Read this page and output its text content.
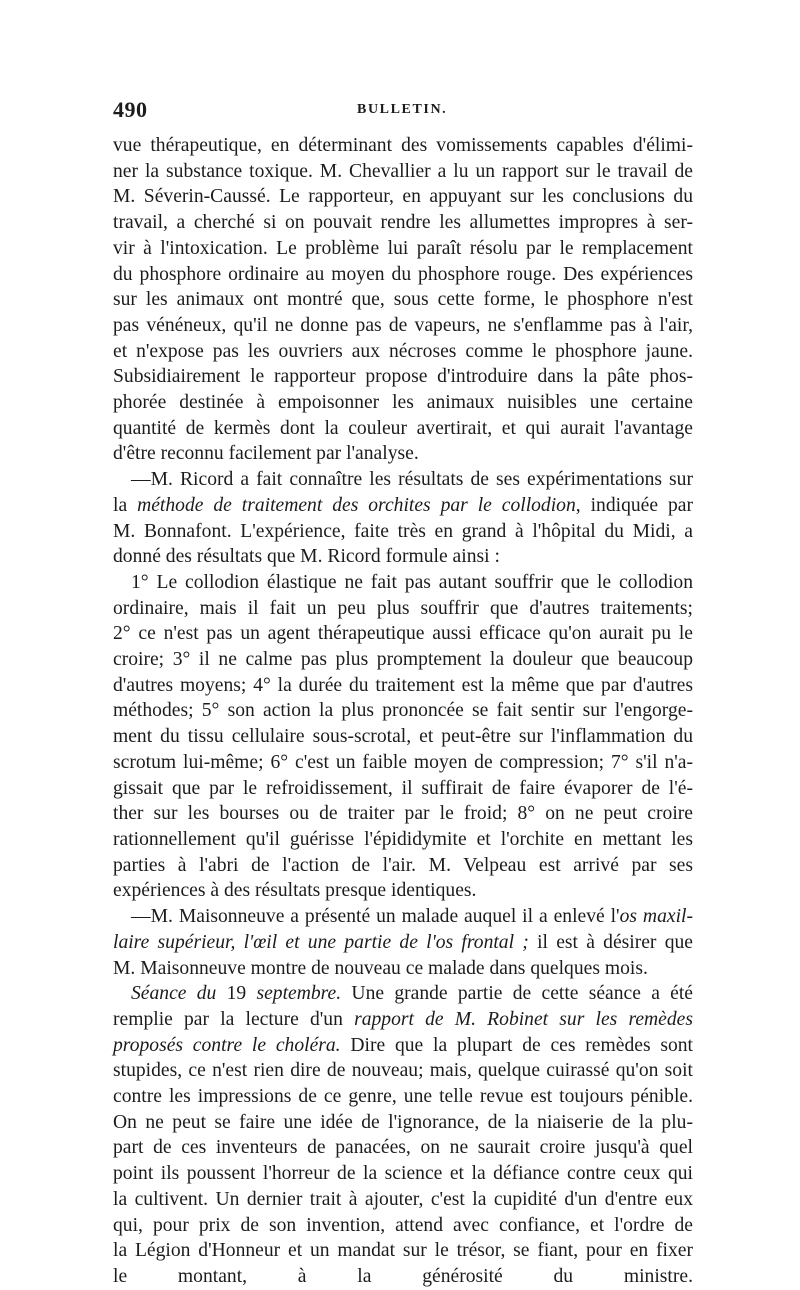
490	BULLETIN.
vue thérapeutique, en déterminant des vomissements capables d'élimi-
ner la substance toxique. M. Chevallier a lu un rapport sur le travail de
M. Séverin-Caussé. Le rapporteur, en appuyant sur les conclusions du
travail, a cherché si on pouvait rendre les allumettes impropres à ser-
vir à l'intoxication. Le problème lui paraît résolu par le remplacement
du phosphore ordinaire au moyen du phosphore rouge. Des expériences
sur les animaux ont montré que, sous cette forme, le phosphore n'est
pas vénéneux, qu'il ne donne pas de vapeurs, ne s'enflamme pas à l'air,
et n'expose pas les ouvriers aux nécroses comme le phosphore jaune.
Subsidiairement le rapporteur propose d'introduire dans la pâte phos-
phorée destinée à empoisonner les animaux nuisibles une certaine
quantité de kermès dont la couleur avertirait, et qui aurait l'avantage
d'être reconnu facilement par l'analyse.
—M. Ricord a fait connaître les résultats de ses expérimentations sur
la méthode de traitement des orchites par le collodion, indiquée par
M. Bonnafont. L'expérience, faite très en grand à l'hôpital du Midi, a
donné des résultats que M. Ricord formule ainsi :
1° Le collodion élastique ne fait pas autant souffrir que le collodion
ordinaire, mais il fait un peu plus souffrir que d'autres traitements;
2° ce n'est pas un agent thérapeutique aussi efficace qu'on aurait pu le
croire; 3° il ne calme pas plus promptement la douleur que beaucoup
d'autres moyens; 4° la durée du traitement est la même que par d'autres
méthodes; 5° son action la plus prononcée se fait sentir sur l'engorge-
ment du tissu cellulaire sous-scrotal, et peut-être sur l'inflammation du
scrotum lui-même; 6° c'est un faible moyen de compression; 7° s'il n'a-
gissait que par le refroidissement, il suffirait de faire évaporer de l'é-
ther sur les bourses ou de traiter par le froid; 8° on ne peut croire
rationnellement qu'il guérisse l'épididymite et l'orchite en mettant les
parties à l'abri de l'action de l'air. M. Velpeau est arrivé par ses
expériences à des résultats presque identiques.
—M. Maisonneuve a présenté un malade auquel il a enlevé l'os maxil-
laire supérieur, l'œil et une partie de l'os frontal ; il est à désirer que
M. Maisonneuve montre de nouveau ce malade dans quelques mois.
Séance du 19 septembre. Une grande partie de cette séance a été
remplie par la lecture d'un rapport de M. Robinet sur les remèdes
proposés contre le choléra. Dire que la plupart de ces remèdes sont
stupides, ce n'est rien dire de nouveau; mais, quelque cuirassé qu'on soit
contre les impressions de ce genre, une telle revue est toujours pénible.
On ne peut se faire une idée de l'ignorance, de la niaiserie de la plu-
part de ces inventeurs de panacées, on ne saurait croire jusqu'à quel
point ils poussent l'horreur de la science et la défiance contre ceux qui
la cultivent. Un dernier trait à ajouter, c'est la cupidité d'un d'entre eux
qui, pour prix de son invention, attend avec confiance, et l'ordre de
la Légion d'Honneur et un mandat sur le trésor, se fiant, pour en fixer
le montant, à la générosité du ministre.
